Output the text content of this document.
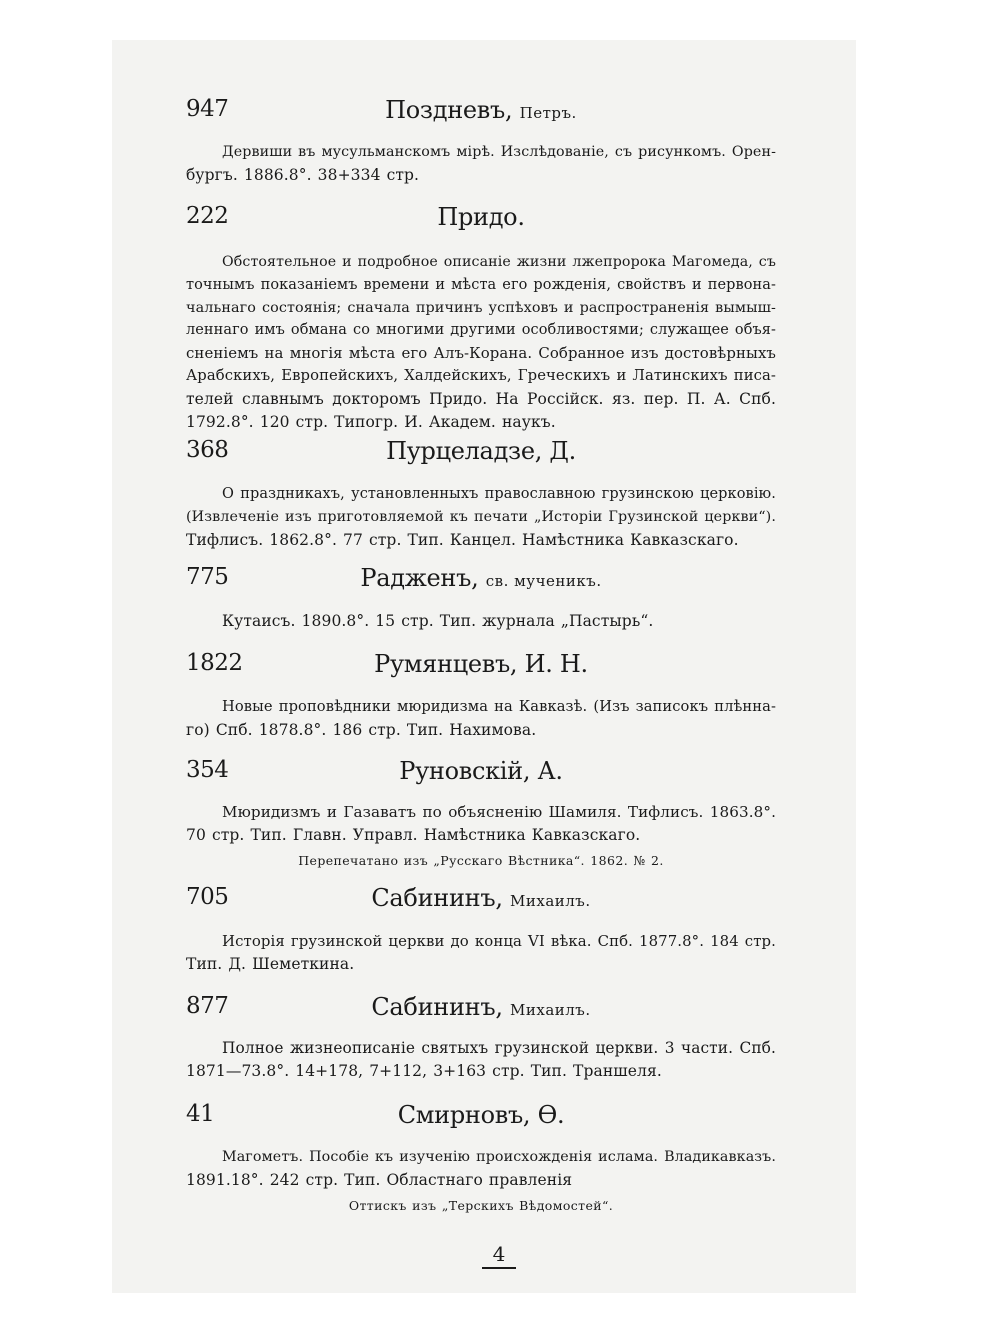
947	Поздневъ, Петръ.
Дервиши въ мусульманскомъ мiрѣ. Изслѣдованiе, съ рисункомъ. Орен-
бургъ. 1886.8°. 38+334 стр.
222	Придо.
Обстоятельное и подробное описанiе жизни лжепророка Магомеда, съ
точнымъ показанiемъ времени и мѣста его рожденiя, свойствъ и первона-
чальнаго состоянiя; сначала причинъ успѣховъ и распространенiя вымыш-
леннаго имъ обмана со многими другими особливостями; служащее объя-
сненiемъ на многiя мѣста его Алъ-Корана. Собранное изъ достовѣрныхъ
Арабскихъ, Европейскихъ, Халдейскихъ, Греческихъ и Латинскихъ писа-
телей славнымъ докторомъ Придо. На Россiйск. яз. пер. П. А. Спб.
1792.8°. 120 стр. Типогр. И. Академ. наукъ.
368	Пурцеладзе, Д.
О праздникахъ, установленныхъ православною грузинскою церковiю.
(Извлеченiе изъ приготовляемой къ печати „Исторiи Грузинской церкви“).
Тифлисъ. 1862.8°. 77 стр. Тип. Канцел. Намѣстника Кавказскаго.
775	Радженъ, св. мученикъ.
Кутаисъ. 1890.8°. 15 стр. Тип. журнала „Пастырь“.
1822	Румянцевъ, И. Н.
Новые проповѣдники мюридизма на Кавказѣ. (Изъ записокъ плѣнна-
го) Спб. 1878.8°. 186 стр. Тип. Нахимова.
354	Руновскiй, А.
Мюридизмъ и Газаватъ по объясненiю Шамиля. Тифлисъ. 1863.8°.
70 стр. Тип. Главн. Управл. Намѣстника Кавказскаго.
Перепечатано изъ „Русскаго Вѣстника“. 1862. № 2.
705	Сабининъ, Михаилъ.
Исторiя грузинской церкви до конца VI вѣка. Спб. 1877.8°. 184 стр.
Тип. Д. Шеметкина.
877	Сабининъ, Михаилъ.
Полное жизнеописанiе святыхъ грузинской церкви. 3 части. Спб.
1871—73.8°. 14+178, 7+112, 3+163 стр. Тип. Траншеля.
41	Смирновъ, Ѳ.
Магометъ. Пособiе къ изученiю происхожденiя ислама. Владикавказъ.
1891.18°. 242 стр. Тип. Областнаго правленiя
Оттискъ изъ „Терскихъ Вѣдомостей“.
4
